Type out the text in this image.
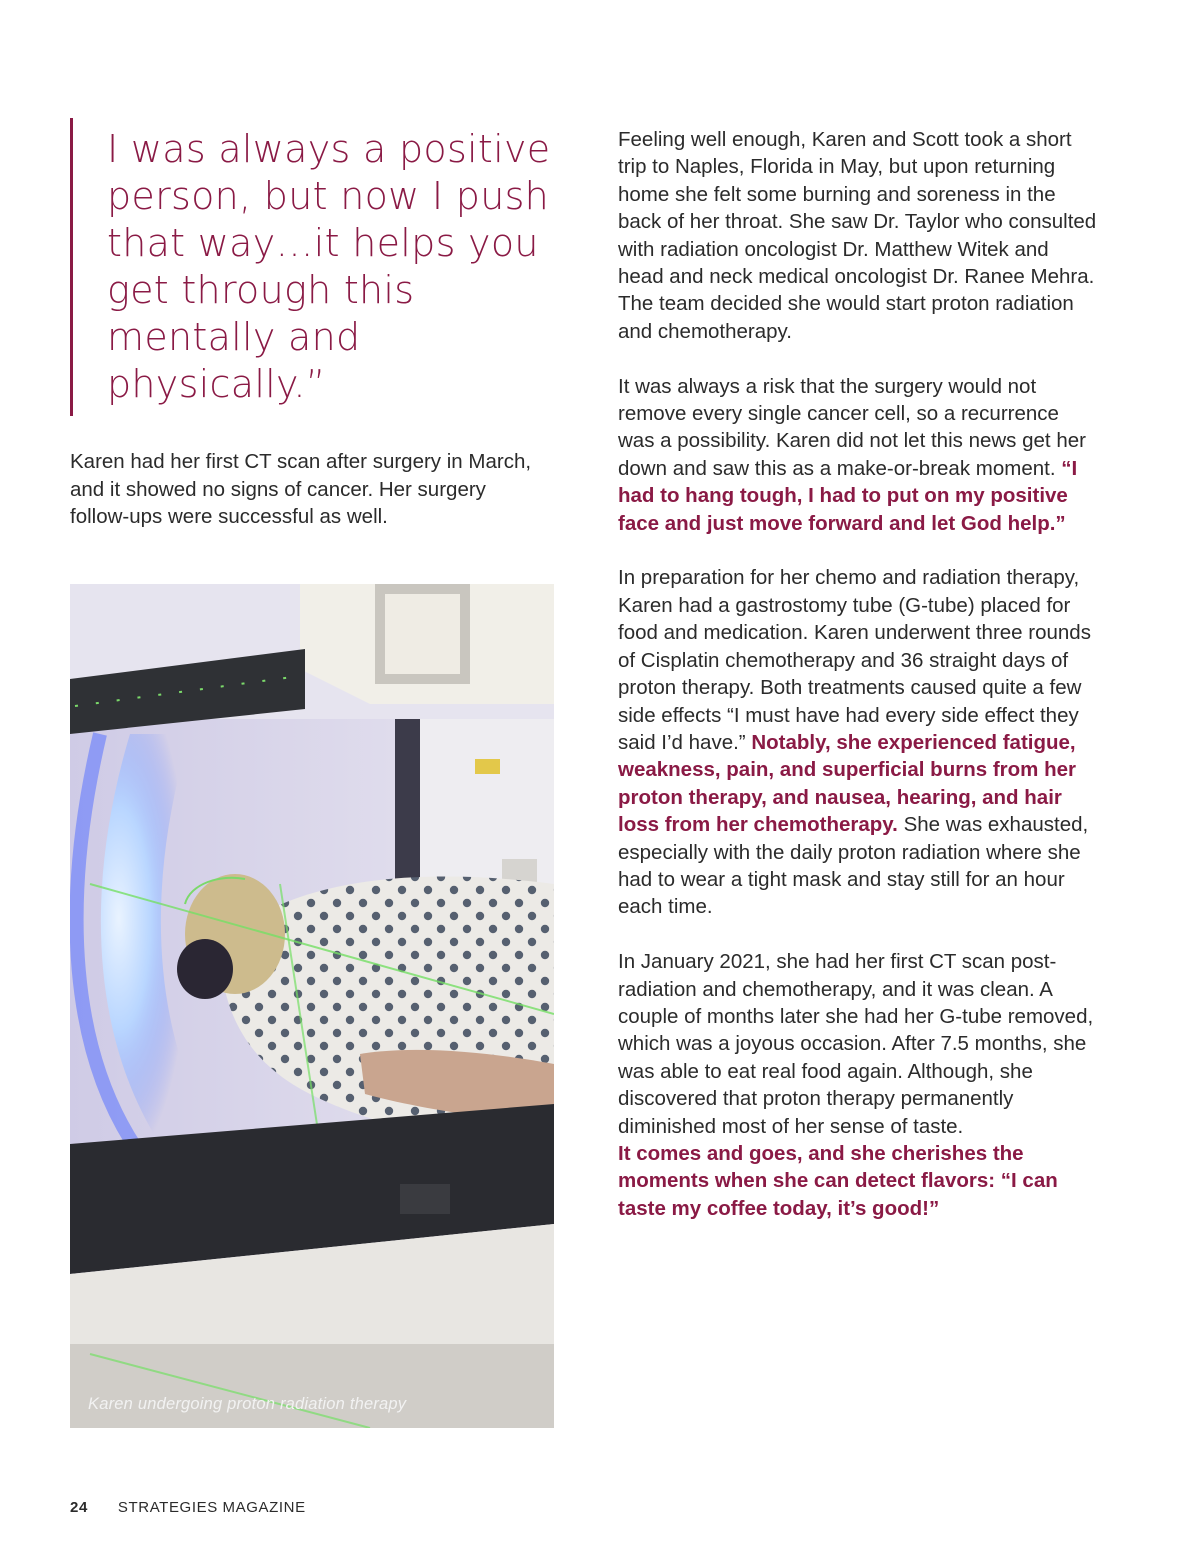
I was always a positive person, but now I push that way…it helps you get through this mentally and physically.”
Karen had her first CT scan after surgery in March, and it showed no signs of cancer. Her surgery follow-ups were successful as well.
Karen undergoing proton radiation therapy

Feeling well enough, Karen and Scott took a short trip to Naples, Florida in May, but upon returning home she felt some burning and soreness in the back of her throat. She saw Dr. Taylor who consulted with radiation oncologist Dr. Matthew Witek and head and neck medical oncologist Dr. Ranee Mehra. The team decided she would start proton radiation and chemotherapy.

It was always a risk that the surgery would not remove every single cancer cell, so a recurrence was a possibility. Karen did not let this news get her down and saw this as a make-or-break moment. “I had to hang tough, I had to put on my positive face and just move forward and let God help.”

In preparation for her chemo and radiation therapy, Karen had a gastrostomy tube (G-tube) placed for food and medication. Karen underwent three rounds of Cisplatin chemotherapy and 36 straight days of proton therapy. Both treatments caused quite a few side effects “I must have had every side effect they said I’d have.” Notably, she experienced fatigue, weakness, pain, and superficial burns from her proton therapy, and nausea, hearing, and hair loss from her chemotherapy. She was exhausted, especially with the daily proton radiation where she had to wear a tight mask and stay still for an hour each time.

In January 2021, she had her first CT scan post-radiation and chemotherapy, and it was clean. A couple of months later she had her G-tube removed, which was a joyous occasion. After 7.5 months, she was able to eat real food again. Although, she discovered that proton therapy permanently diminished most of her sense of taste.
It comes and goes, and she cherishes the moments when she can detect flavors: “I can taste my coffee today, it’s good!”

24 STRATEGIES MAGAZINE
